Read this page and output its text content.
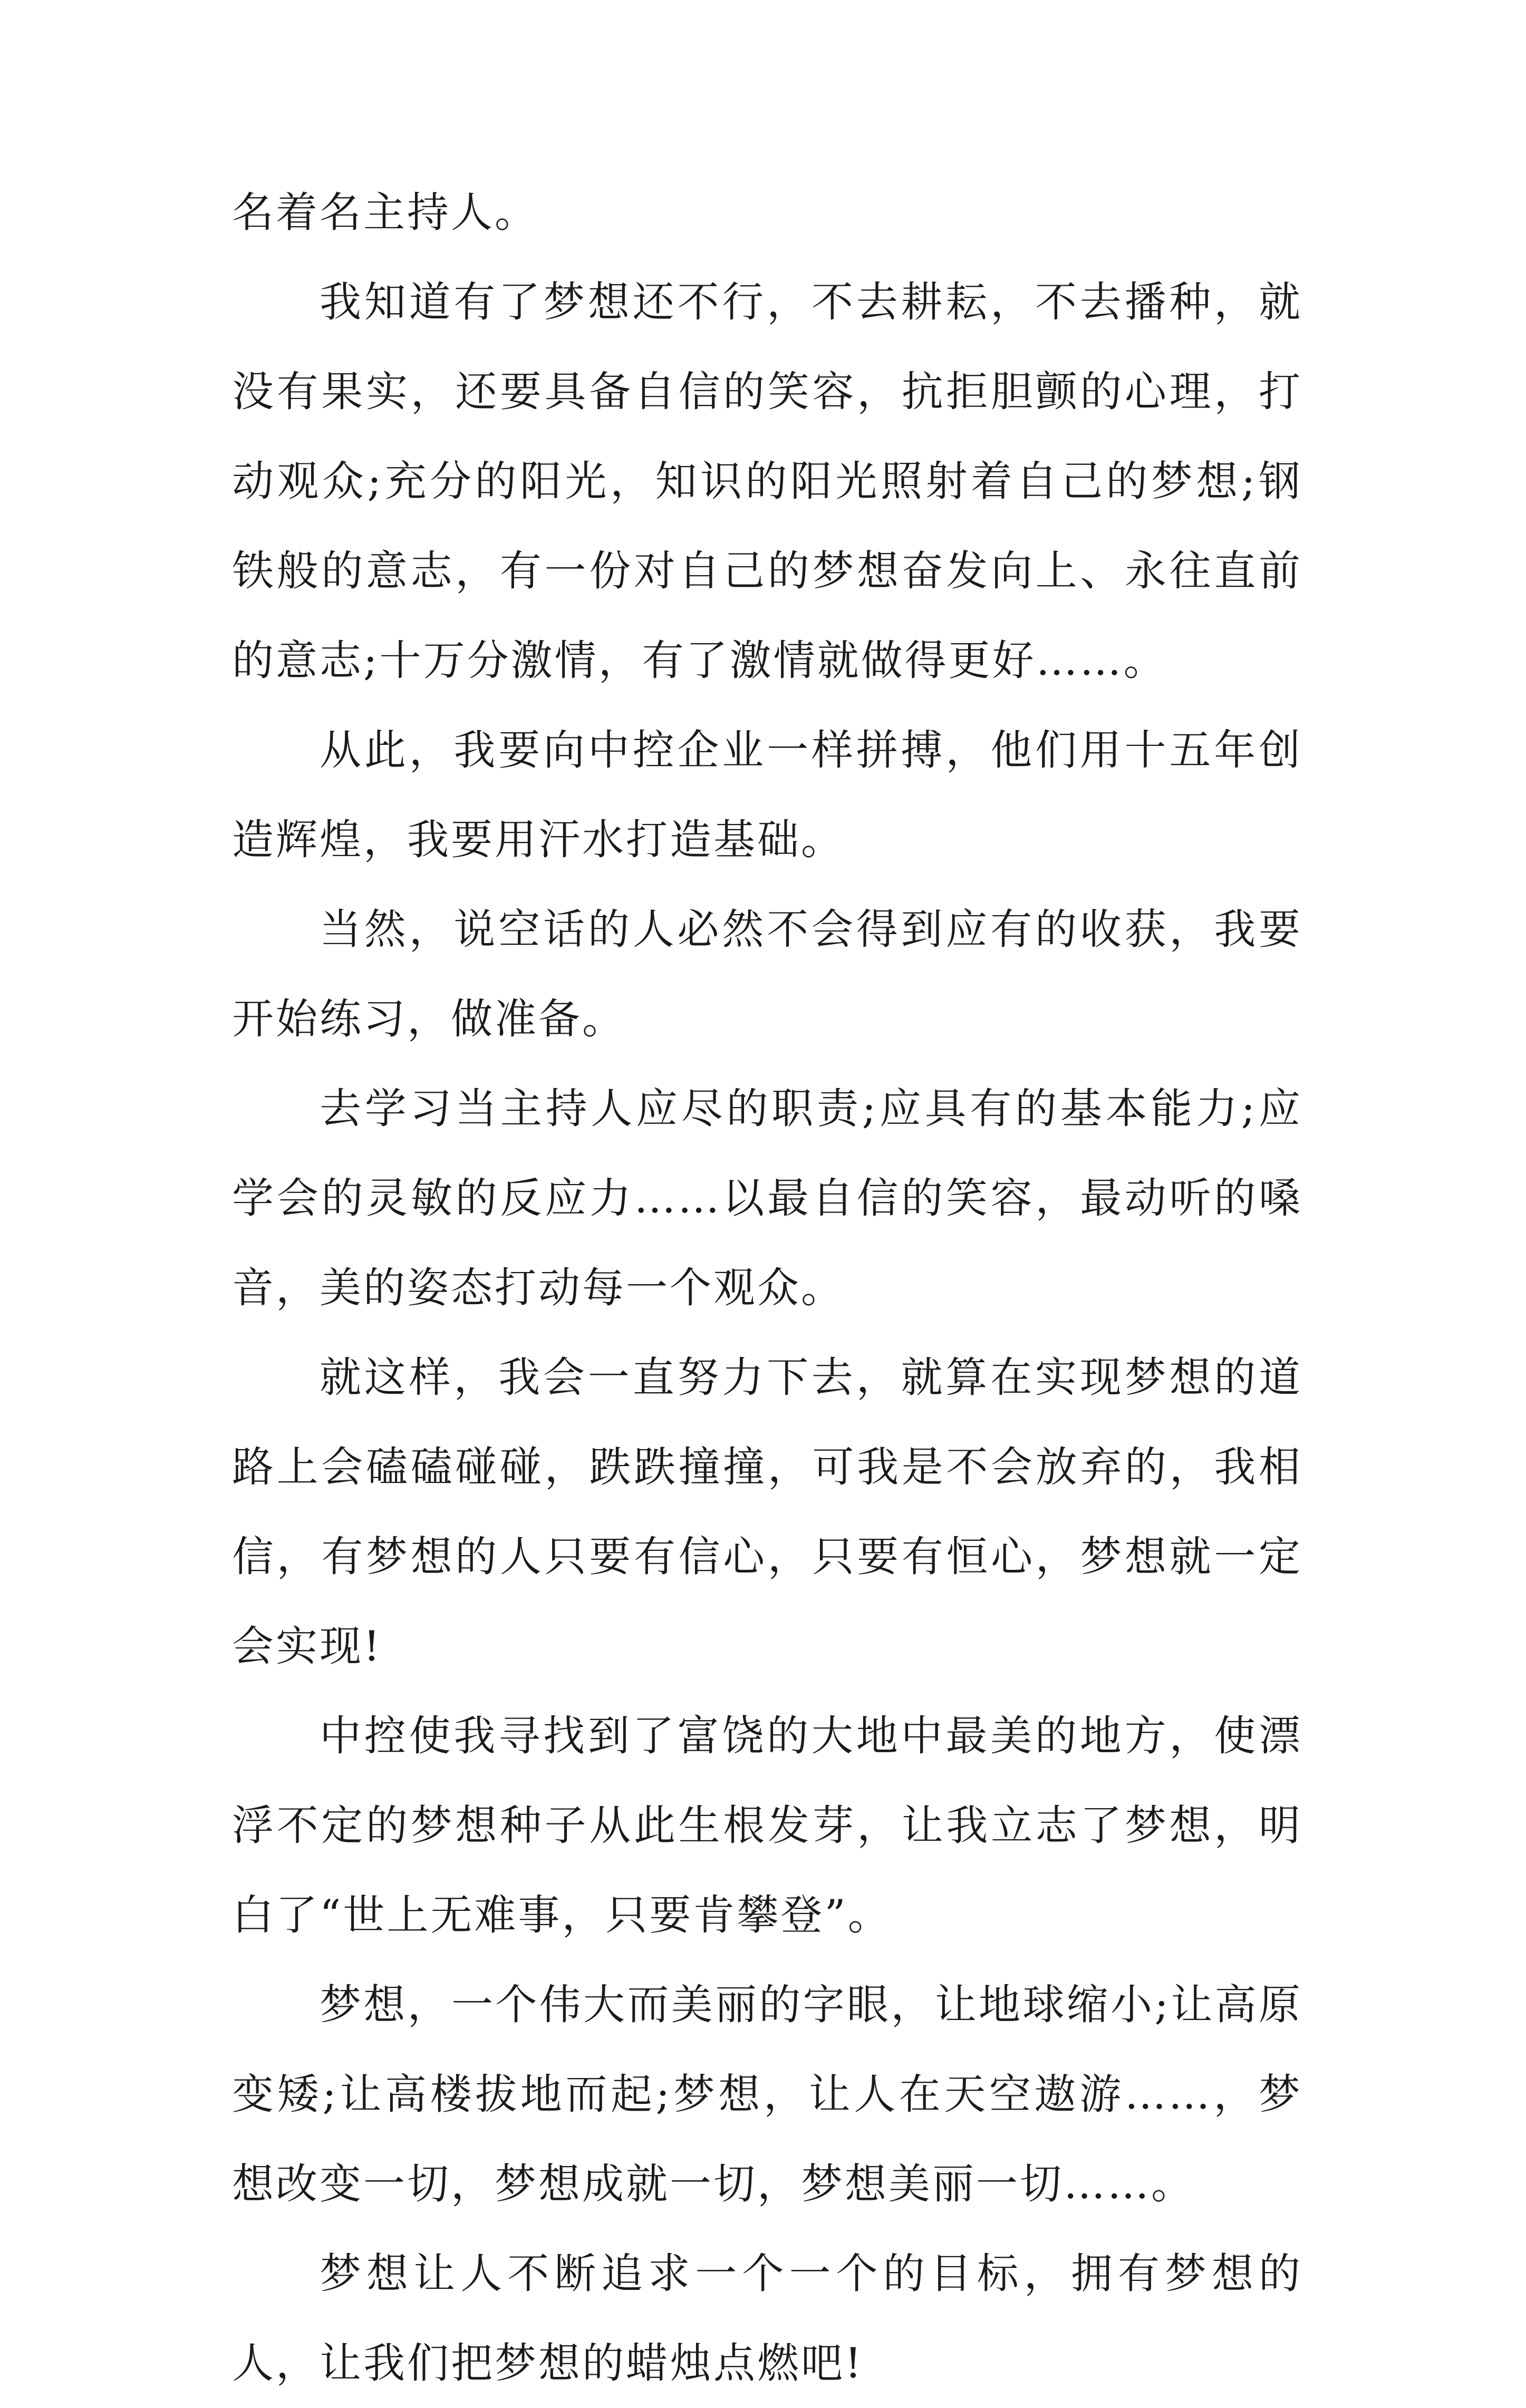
名着名主持人。

我知道有了梦想还不行，不去耕耘，不去播种，就没有果实，还要具备自信的笑容，抗拒胆颤的心理，打动观众;充分的阳光，知识的阳光照射着自己的梦想;钢铁般的意志，有一份对自己的梦想奋发向上、永往直前的意志;十万分激情，有了激情就做得更好……。

从此，我要向中控企业一样拼搏，他们用十五年创造辉煌，我要用汗水打造基础。

当然，说空话的人必然不会得到应有的收获，我要开始练习，做准备。

去学习当主持人应尽的职责;应具有的基本能力;应学会的灵敏的反应力……以最自信的笑容，最动听的嗓音，美的姿态打动每一个观众。

就这样，我会一直努力下去，就算在实现梦想的道路上会磕磕碰碰，跌跌撞撞，可我是不会放弃的，我相信，有梦想的人只要有信心，只要有恒心，梦想就一定会实现!

中控使我寻找到了富饶的大地中最美的地方，使漂浮不定的梦想种子从此生根发芽，让我立志了梦想，明白了“世上无难事，只要肯攀登”。

梦想，一个伟大而美丽的字眼，让地球缩小;让高原变矮;让高楼拔地而起;梦想，让人在天空遨游……，梦想改变一切，梦想成就一切，梦想美丽一切……。

梦想让人不断追求一个一个的目标，拥有梦想的人，让我们把梦想的蜡烛点燃吧!
